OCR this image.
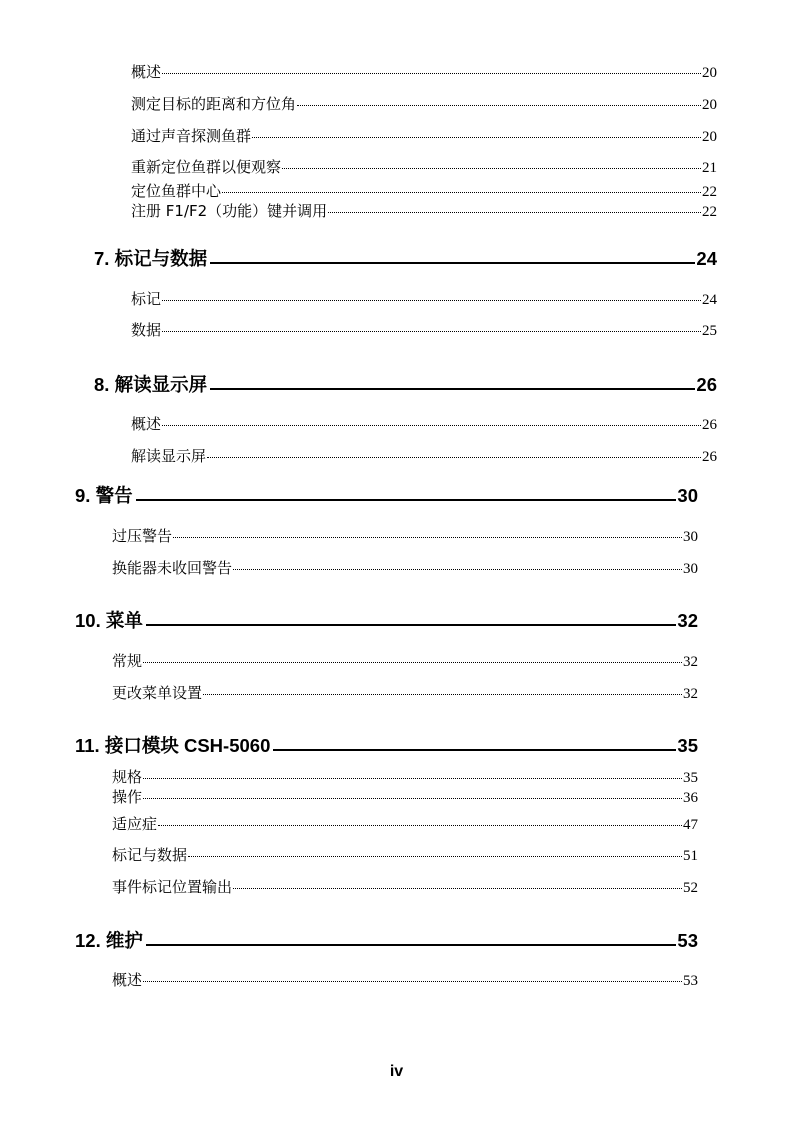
概述	20
测定目标的距离和方位角	20
通过声音探测鱼群	20
重新定位鱼群以便观察	21
定位鱼群中心	22
注册 F1/F2（功能）键并调用	22
7. 标记与数据	24
标记	24
数据	25
8. 解读显示屏	26
概述	26
解读显示屏	26
9. 警告	30
过压警告	30
换能器未收回警告	30
10. 菜单	32
常规	32
更改菜单设置	32
11. 接口模块 CSH-5060	35
规格	35
操作	36
适应症	47
标记与数据	51
事件标记位置输出	52
12. 维护	53
概述	53
iv
